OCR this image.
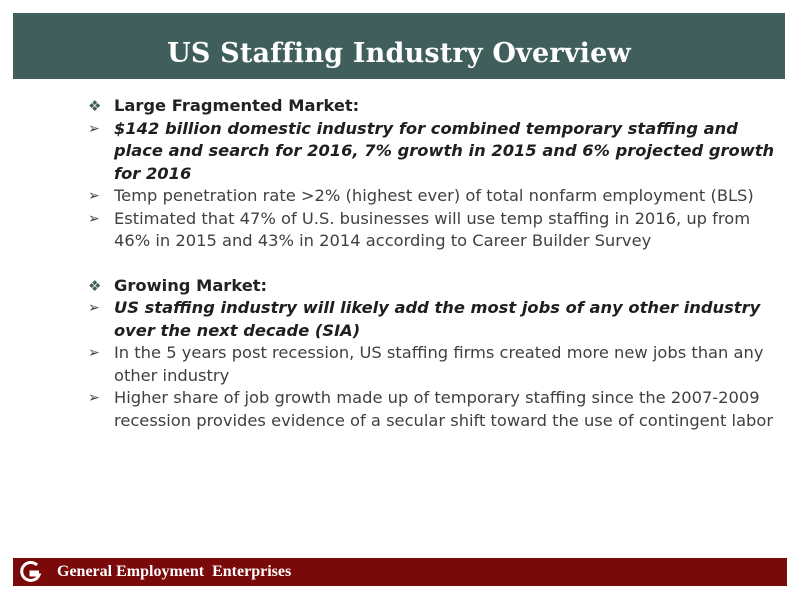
US Staffing Industry Overview
❖ Large Fragmented Market:
➢ $142 billion domestic industry for combined temporary staffing and place and search for 2016, 7% growth in 2015 and 6% projected growth for 2016
➢ Temp penetration rate >2% (highest ever) of total nonfarm employment (BLS)
➢ Estimated that 47% of U.S. businesses will use temp staffing in 2016, up from 46% in 2015 and 43% in 2014 according to Career Builder Survey
❖ Growing Market:
➢ US staffing industry will likely add the most jobs of any other industry over the next decade (SIA)
➢ In the 5 years post recession, US staffing firms created more new jobs than any other industry
➢ Higher share of job growth made up of temporary staffing since the 2007-2009 recession provides evidence of a secular shift toward the use of contingent labor
General Employment  Enterprises
